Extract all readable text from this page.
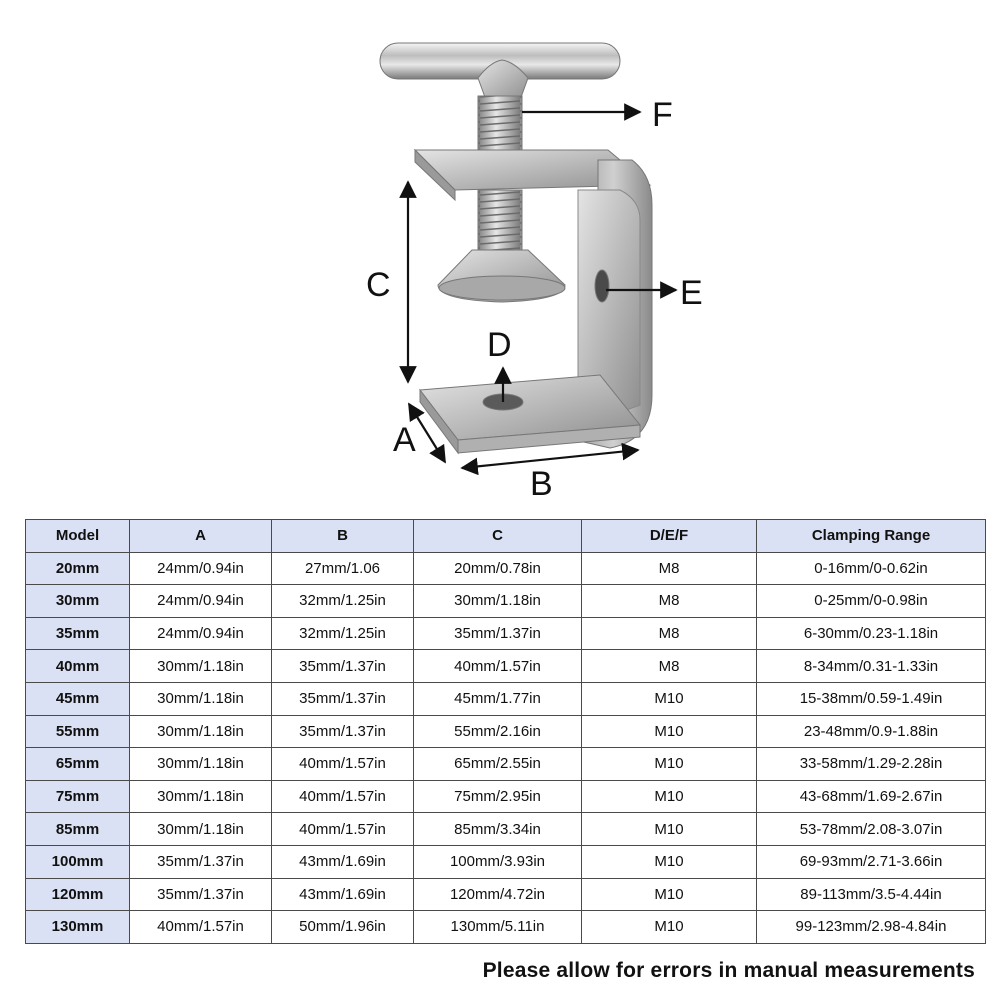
F
C	E
D
A
B
Model	A	B	C	D/E/F	Clamping Range
20mm	24mm/0.94in	27mm/1.06	20mm/0.78in	M8	0-16mm/0-0.62in
30mm	24mm/0.94in	32mm/1.25in	30mm/1.18in	M8	0-25mm/0-0.98in
35mm	24mm/0.94in	32mm/1.25in	35mm/1.37in	M8	6-30mm/0.23-1.18in
40mm	30mm/1.18in	35mm/1.37in	40mm/1.57in	M8	8-34mm/0.31-1.33in
45mm	30mm/1.18in	35mm/1.37in	45mm/1.77in	M10	15-38mm/0.59-1.49in
55mm	30mm/1.18in	35mm/1.37in	55mm/2.16in	M10	23-48mm/0.9-1.88in
65mm	30mm/1.18in	40mm/1.57in	65mm/2.55in	M10	33-58mm/1.29-2.28in
75mm	30mm/1.18in	40mm/1.57in	75mm/2.95in	M10	43-68mm/1.69-2.67in
85mm	30mm/1.18in	40mm/1.57in	85mm/3.34in	M10	53-78mm/2.08-3.07in
100mm	35mm/1.37in	43mm/1.69in	100mm/3.93in	M10	69-93mm/2.71-3.66in
120mm	35mm/1.37in	43mm/1.69in	120mm/4.72in	M10	89-113mm/3.5-4.44in
130mm	40mm/1.57in	50mm/1.96in	130mm/5.11in	M10	99-123mm/2.98-4.84in
Please allow for errors in manual measurements
